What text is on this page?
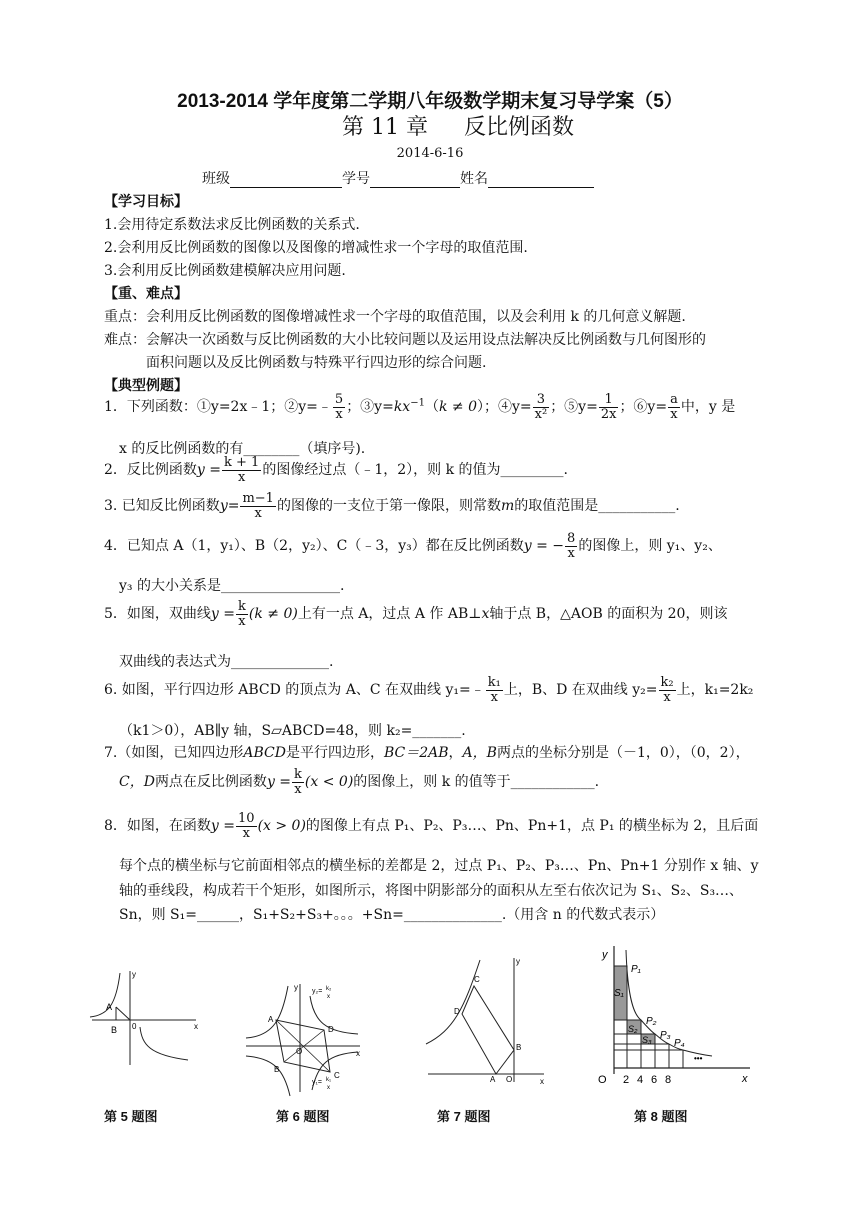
2013-2014 学年度第二学期八年级数学期末复习导学案（5）
第 11 章 反比例函数
2014-6-16
班级	学号	姓名
【学习目标】
1.会用待定系数法求反比例函数的关系式.
2.会利用反比例函数的图像以及图像的增减性求一个字母的取值范围.
3.会利用反比例函数建模解决应用问题.
【重、难点】
重点：会利用反比例函数的图像增减性求一个字母的取值范围，以及会利用 k 的几何意义解题.
难点：会解决一次函数与反比例函数的大小比较问题以及运用设点法解决反比例函数与几何图形的
面积问题以及反比例函数与特殊平行四边形的综合问题.
【典型例题】
1．下列函数：①y=2x﹣1；②y=﹣ $\frac{5}{x}$ ；$③y=kx^{-1}(k \ne 0)$；④y= $\frac{3}{\text{x²}}$ ；⑤y= $\frac{1}{2x}$ ；⑥y= $\frac{a}{x}$ 中，y 是
x 的反比例函数的有________（填序号).
2．反比例函数$y = \frac{k + 1}{x}$ 的图像经过点（﹣1，2），则 k 的值为_________.
3. 已知反比例函数$y= \frac{m-1}{x}$ 的图像的一支位于第一像限，则常数m的取值范围是___________.
4．已知点 A（1，y₁）、B（2，y₂）、C（﹣3，y₃）都在反比例函数y = − $\frac{8}{x}$ 的图像上，则 y₁、y₂、
y₃ 的大小关系是_________________.
5．如图，双曲线$y = \frac{k}{x} (k \ne 0)$上有一点 A，过点 A 作 AB⊥x轴于点 B，△AOB 的面积为 20，则该
双曲线的表达式为______________.
6. 如图，平行四边形 ABCD 的顶点为 A、C 在双曲线 y₁=﹣ $\frac{\text{k₁}}{x}$ 上，B、D 在双曲线 $y_2= \frac{\text{k₂}}{x}$ 上，k₁=2k₂
（k1＞0），AB∥y 轴，S▱ABCD=48，则 k₂=_______.
7.（如图，已知四边形ABCD是平行四边形，BC＝2AB，A，B两点的坐标分别是（－1，0），（0，2），
C，D两点在反比例函数$y = \frac{k}{x} (x < 0)$的图像上，则 k 的值等于____________.
8．如图，在函数$y = \frac{10}{x} (x > 0)$的图像上有点 P₁、P₂、P₃…、Pn、Pn+1，点 P₁ 的横坐标为 2，且后面
每个点的横坐标与它前面相邻点的横坐标的差都是 2，过点 P₁、P₂、P₃…、Pn、Pn+1 分别作 x 轴、y
轴的垂线段，构成若干个矩形，如图所示，将图中阴影部分的面积从左至右依次记为 S₁、S₂、S₃…、
Sn，则 S₁=______，S₁+S₂+S₃+。。。+Sn=______________.（用含 n 的代数式表示）
y
x
A
B 0
y
x
A
B
C
D
O
y₂= k₂
x
y₁= k₁
x
y
x
A
B
C
D
O
y
x
O 2 4 6 8
P₁
P₂
P₃
P₄
S₁
S₂
S₃
•••
第 5 题图	第 6 题图	第 7 题图	第 8 题图
